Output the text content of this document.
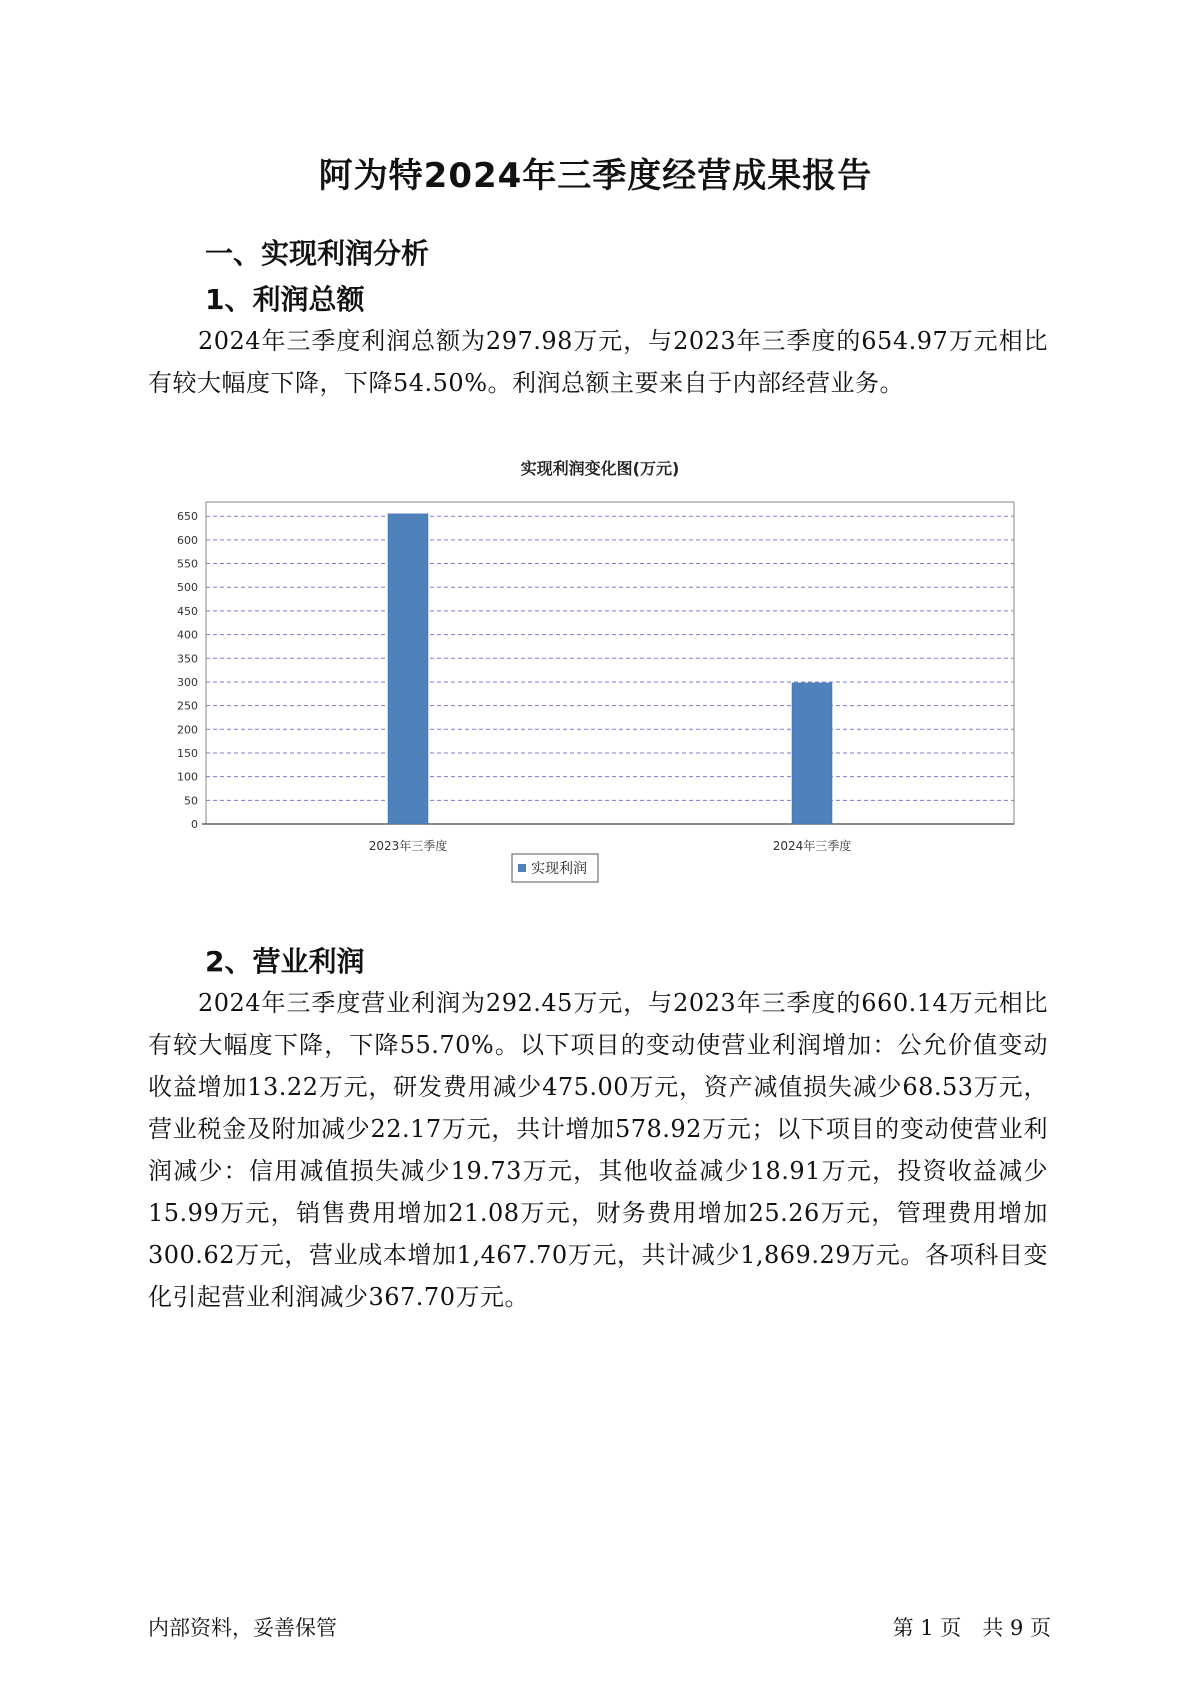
阿为特2024年三季度经营成果报告
一、实现利润分析
1、利润总额
2024年三季度利润总额为297.98万元，与2023年三季度的654.97万元相比有较大幅度下降，下降54.50%。利润总额主要来自于内部经营业务。
实现利润变化图(万元)
0
50
100
150
200
250
300
350
400
450
500
550
600
650
2023年三季度	2024年三季度
实现利润
2、营业利润
2024年三季度营业利润为292.45万元，与2023年三季度的660.14万元相比有较大幅度下降，下降55.70%。以下项目的变动使营业利润增加：公允价值变动收益增加13.22万元，研发费用减少475.00万元，资产减值损失减少68.53万元，营业税金及附加减少22.17万元，共计增加578.92万元；以下项目的变动使营业利润减少：信用减值损失减少19.73万元，其他收益减少18.91万元，投资收益减少15.99万元，销售费用增加21.08万元，财务费用增加25.26万元，管理费用增加300.62万元，营业成本增加1,467.70万元，共计减少1,869.29万元。各项科目变化引起营业利润减少367.70万元。
内部资料，妥善保管	第 1 页　共 9 页
